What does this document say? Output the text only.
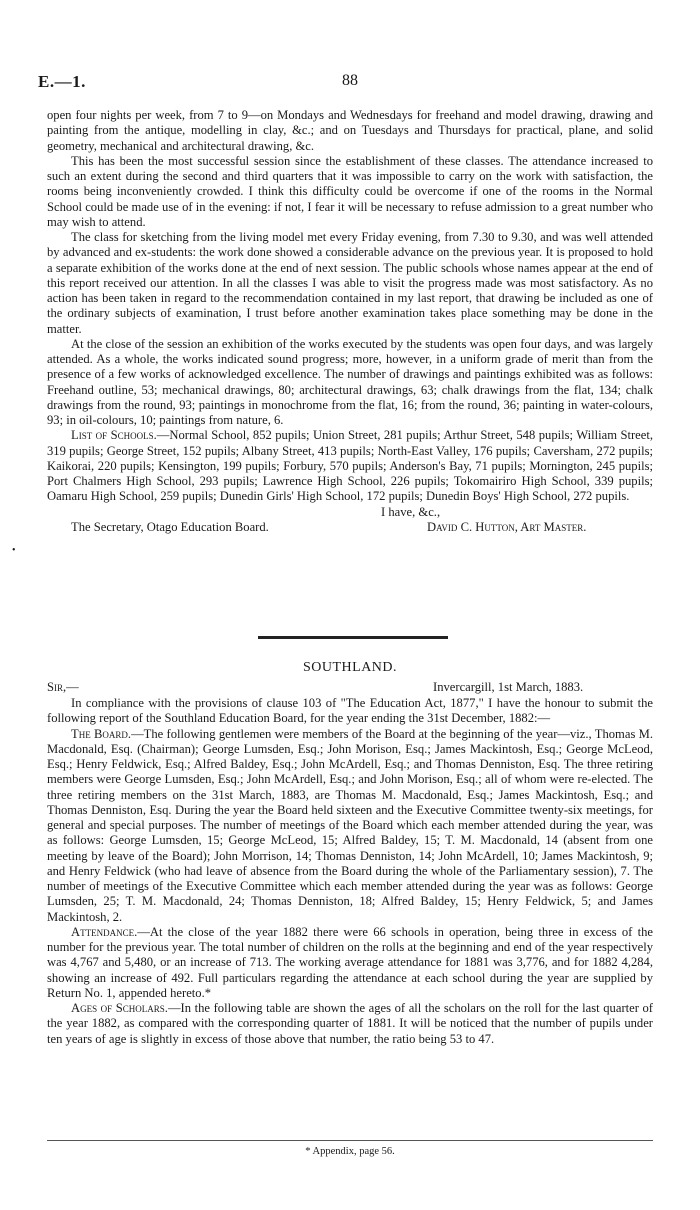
E.—1.	88
•

open four nights per week, from 7 to 9—on Mondays and Wednesdays for freehand and model drawing, drawing and painting from the antique, modelling in clay, &c.; and on Tuesdays and Thursdays for practical, plane, and solid geometry, mechanical and architectural drawing, &c.

This has been the most successful session since the establishment of these classes. The attendance increased to such an extent during the second and third quarters that it was impossible to carry on the work with satisfaction, the rooms being inconveniently crowded. I think this difficulty could be overcome if one of the rooms in the Normal School could be made use of in the evening: if not, I fear it will be necessary to refuse admission to a great number who may wish to attend.

The class for sketching from the living model met every Friday evening, from 7.30 to 9.30, and was well attended by advanced and ex-students: the work done showed a considerable advance on the previous year. It is proposed to hold a separate exhibition of the works done at the end of next session. The public schools whose names appear at the end of this report received our attention. In all the classes I was able to visit the progress made was most satisfactory. As no action has been taken in regard to the recommendation contained in my last report, that drawing be included as one of the ordinary subjects of examination, I trust before another examination takes place something may be done in the matter.

At the close of the session an exhibition of the works executed by the students was open four days, and was largely attended. As a whole, the works indicated sound progress; more, however, in a uniform grade of merit than from the presence of a few works of acknowledged excellence. The number of drawings and paintings exhibited was as follows: Freehand outline, 53; mechanical drawings, 80; architectural drawings, 63; chalk drawings from the flat, 134; chalk drawings from the round, 93; paintings in monochrome from the flat, 16; from the round, 36; painting in water-colours, 93; in oil-colours, 10; paintings from nature, 6.

List of Schools.—Normal School, 852 pupils; Union Street, 281 pupils; Arthur Street, 548 pupils; William Street, 319 pupils; George Street, 152 pupils; Albany Street, 413 pupils; North-East Valley, 176 pupils; Caversham, 272 pupils; Kaikorai, 220 pupils; Kensington, 199 pupils; Forbury, 570 pupils; Anderson's Bay, 71 pupils; Mornington, 245 pupils; Port Chalmers High School, 293 pupils; Lawrence High School, 226 pupils; Tokomairiro High School, 339 pupils; Oamaru High School, 259 pupils; Dunedin Girls' High School, 172 pupils; Dunedin Boys' High School, 272 pupils.

I have, &c.,
The Secretary, Otago Education Board.	David C. Hutton, Art Master.
SOUTHLAND.
Sir,—	Invercargill, 1st March, 1883.

In compliance with the provisions of clause 103 of "The Education Act, 1877," I have the honour to submit the following report of the Southland Education Board, for the year ending the 31st December, 1882:—

The Board.—The following gentlemen were members of the Board at the beginning of the year—viz., Thomas M. Macdonald, Esq. (Chairman); George Lumsden, Esq.; John Morison, Esq.; James Mackintosh, Esq.; George McLeod, Esq.; Henry Feldwick, Esq.; Alfred Baldey, Esq.; John McArdell, Esq.; and Thomas Denniston, Esq. The three retiring members were George Lumsden, Esq.; John McArdell, Esq.; and John Morison, Esq.; all of whom were re-elected. The three retiring members on the 31st March, 1883, are Thomas M. Macdonald, Esq.; James Mackintosh, Esq.; and Thomas Denniston, Esq. During the year the Board held sixteen and the Executive Committee twenty-six meetings, for general and special purposes. The number of meetings of the Board which each member attended during the year, was as follows: George Lumsden, 15; George McLeod, 15; Alfred Baldey, 15; T. M. Macdonald, 14 (absent from one meeting by leave of the Board); John Morrison, 14; Thomas Denniston, 14; John McArdell, 10; James Mackintosh, 9; and Henry Feldwick (who had leave of absence from the Board during the whole of the Parliamentary session), 7. The number of meetings of the Executive Committee which each member attended during the year was as follows: George Lumsden, 25; T. M. Macdonald, 24; Thomas Denniston, 18; Alfred Baldey, 15; Henry Feldwick, 5; and James Mackintosh, 2.

Attendance.—At the close of the year 1882 there were 66 schools in operation, being three in excess of the number for the previous year. The total number of children on the rolls at the beginning and end of the year respectively was 4,767 and 5,480, or an increase of 713. The working average attendance for 1881 was 3,776, and for 1882 4,284, showing an increase of 492. Full particulars regarding the attendance at each school during the year are supplied by Return No. 1, appended hereto.*

Ages of Scholars.—In the following table are shown the ages of all the scholars on the roll for the last quarter of the year 1882, as compared with the corresponding quarter of 1881. It will be noticed that the number of pupils under ten years of age is slightly in excess of those above that number, the ratio being 53 to 47.

* Appendix, page 56.
